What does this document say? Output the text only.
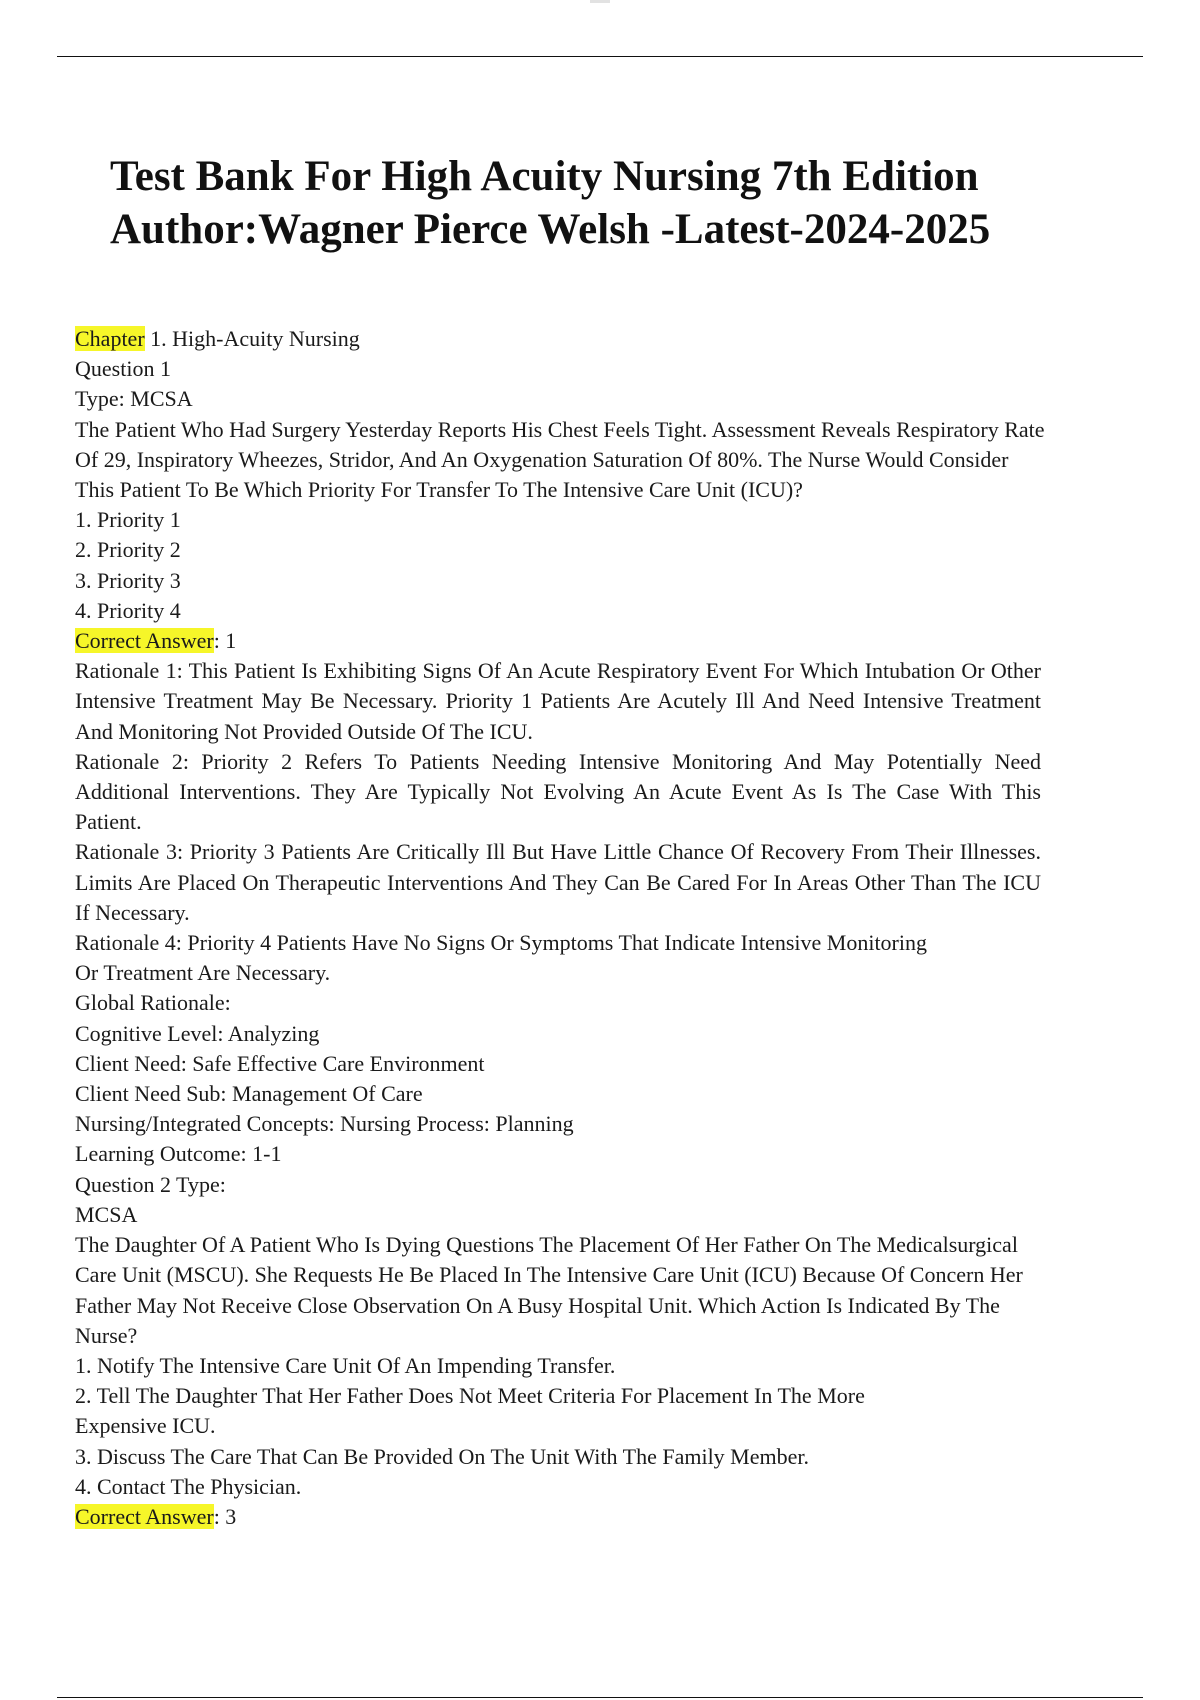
Test Bank For High Acuity Nursing 7th Edition
Author:Wagner Pierce Welsh -Latest-2024-2025

Chapter 1. High-Acuity Nursing

Question 1

Type: MCSA

The Patient Who Had Surgery Yesterday Reports His Chest Feels Tight. Assessment Reveals Respiratory Rate Of 29, Inspiratory Wheezes, Stridor, And An Oxygenation Saturation Of 80%. The Nurse Would Consider This Patient To Be Which Priority For Transfer To The Intensive Care Unit (ICU)?

1. Priority 1

2. Priority 2

3. Priority 3

4. Priority 4

Correct Answer: 1

Rationale 1: This Patient Is Exhibiting Signs Of An Acute Respiratory Event For Which Intubation Or Other Intensive Treatment May Be Necessary. Priority 1 Patients Are Acutely Ill And Need Intensive Treatment And Monitoring Not Provided Outside Of The ICU.

Rationale 2: Priority 2 Refers To Patients Needing Intensive Monitoring And May Potentially Need Additional Interventions. They Are Typically Not Evolving An Acute Event As Is The Case With This Patient.

Rationale 3: Priority 3 Patients Are Critically Ill But Have Little Chance Of Recovery From Their Illnesses. Limits Are Placed On Therapeutic Interventions And They Can Be Cared For In Areas Other Than The ICU If Necessary.

Rationale 4: Priority 4 Patients Have No Signs Or Symptoms That Indicate Intensive Monitoring Or Treatment Are Necessary.

Global Rationale:

Cognitive Level: Analyzing

Client Need: Safe Effective Care Environment

Client Need Sub: Management Of Care

Nursing/Integrated Concepts: Nursing Process: Planning

Learning Outcome: 1-1

Question 2 Type:

MCSA

The Daughter Of A Patient Who Is Dying Questions The Placement Of Her Father On The Medicalsurgical Care Unit (MSCU). She Requests He Be Placed In The Intensive Care Unit (ICU) Because Of Concern Her Father May Not Receive Close Observation On A Busy Hospital Unit. Which Action Is Indicated By The Nurse?

1. Notify The Intensive Care Unit Of An Impending Transfer.

2. Tell The Daughter That Her Father Does Not Meet Criteria For Placement In The More Expensive ICU.

3. Discuss The Care That Can Be Provided On The Unit With The Family Member.

4. Contact The Physician.

Correct Answer: 3
